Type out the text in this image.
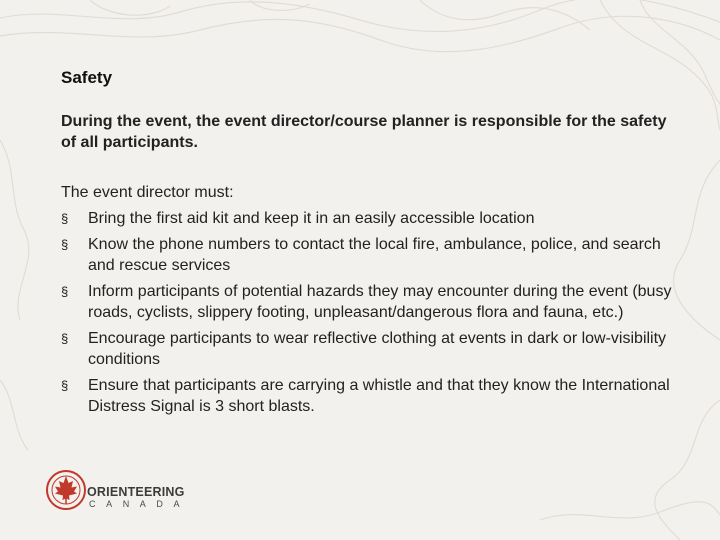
Safety
During the event, the event director/course planner is responsible for the safety of all participants.
The event director must:
§	Bring the first aid kit and keep it in an easily accessible location
§	Know the phone numbers to contact the local fire, ambulance, police, and search and rescue services
§	Inform participants of potential hazards they may encounter during the event (busy roads, cyclists, slippery footing, unpleasant/dangerous flora and fauna, etc.)
§	Encourage participants to wear reflective clothing at events in dark or low-visibility conditions
§	Ensure that participants are carrying a whistle and that they know the International Distress Signal is 3 short blasts.
ORIENTEERING
CANADA
